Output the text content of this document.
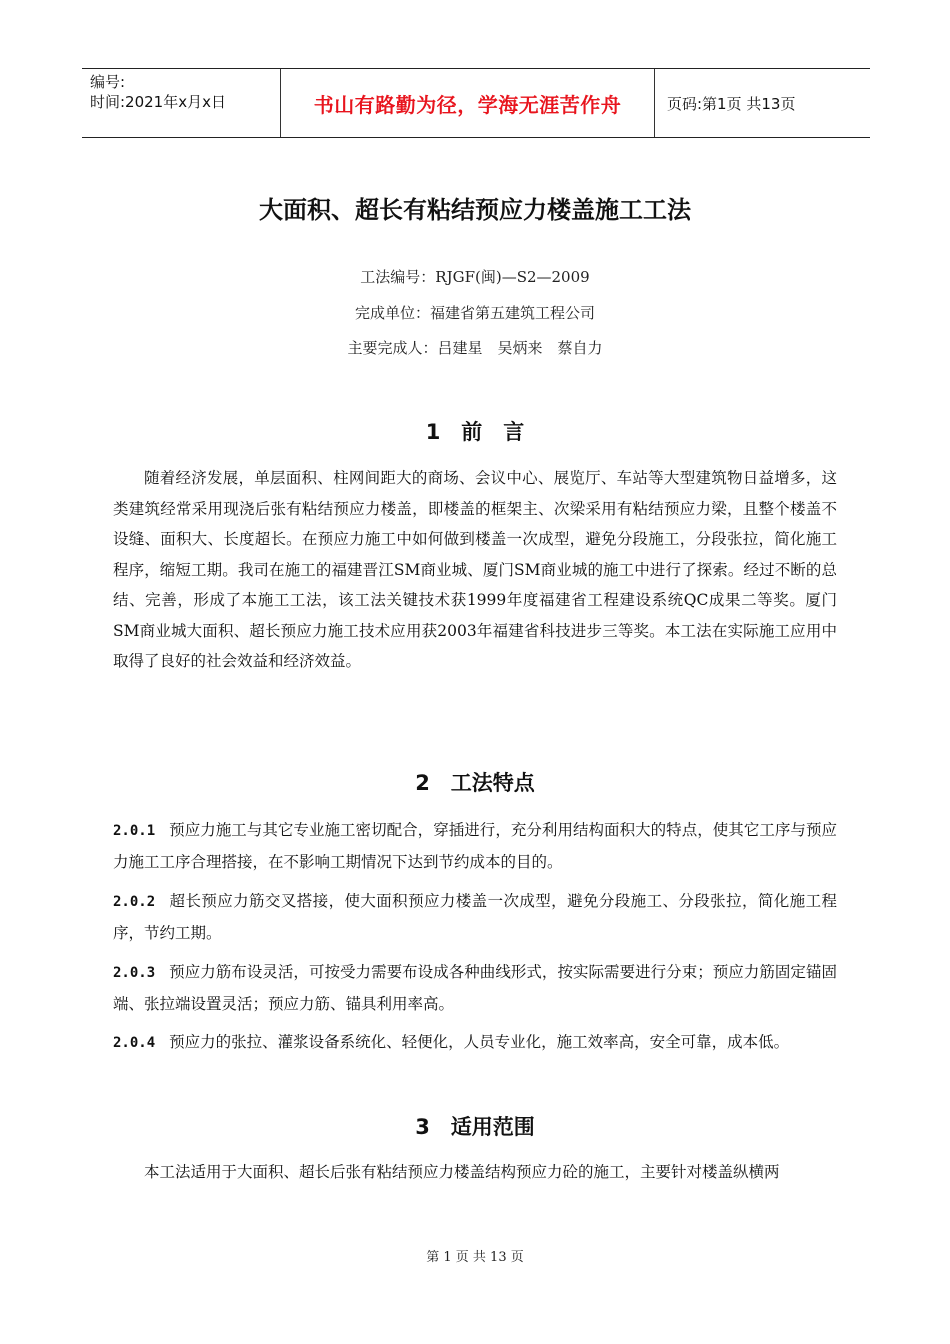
编号:
时间:2021年x月x日	书山有路勤为径，学海无涯苦作舟	页码:第1页 共13页
大面积、超长有粘结预应力楼盖施工工法
工法编号：RJGF(闽)—S2—2009
完成单位：福建省第五建筑工程公司
主要完成人：吕建星　吴炳来　蔡自力
1　前　言

随着经济发展，单层面积、柱网间距大的商场、会议中心、展览厅、车站等大型建筑物日益增多，这类建筑经常采用现浇后张有粘结预应力楼盖，即楼盖的框架主、次梁采用有粘结预应力梁，且整个楼盖不设缝、面积大、长度超长。在预应力施工中如何做到楼盖一次成型，避免分段施工，分段张拉，简化施工程序，缩短工期。我司在施工的福建晋江SM商业城、厦门SM商业城的施工中进行了探索。经过不断的总结、完善，形成了本施工工法，该工法关键技术获1999年度福建省工程建设系统QC成果二等奖。厦门SM商业城大面积、超长预应力施工技术应用获2003年福建省科技进步三等奖。本工法在实际施工应用中取得了良好的社会效益和经济效益。

2　工法特点

2.0.1 预应力施工与其它专业施工密切配合，穿插进行，充分利用结构面积大的特点，使其它工序与预应力施工工序合理搭接，在不影响工期情况下达到节约成本的目的。

2.0.2 超长预应力筋交叉搭接，使大面积预应力楼盖一次成型，避免分段施工、分段张拉，简化施工程序，节约工期。

2.0.3 预应力筋布设灵活，可按受力需要布设成各种曲线形式，按实际需要进行分束；预应力筋固定锚固端、张拉端设置灵活；预应力筋、锚具利用率高。

2.0.4 预应力的张拉、灌浆设备系统化、轻便化，人员专业化，施工效率高，安全可靠，成本低。

3　适用范围

本工法适用于大面积、超长后张有粘结预应力楼盖结构预应力砼的施工，主要针对楼盖纵横两

第 1 页 共 13 页
